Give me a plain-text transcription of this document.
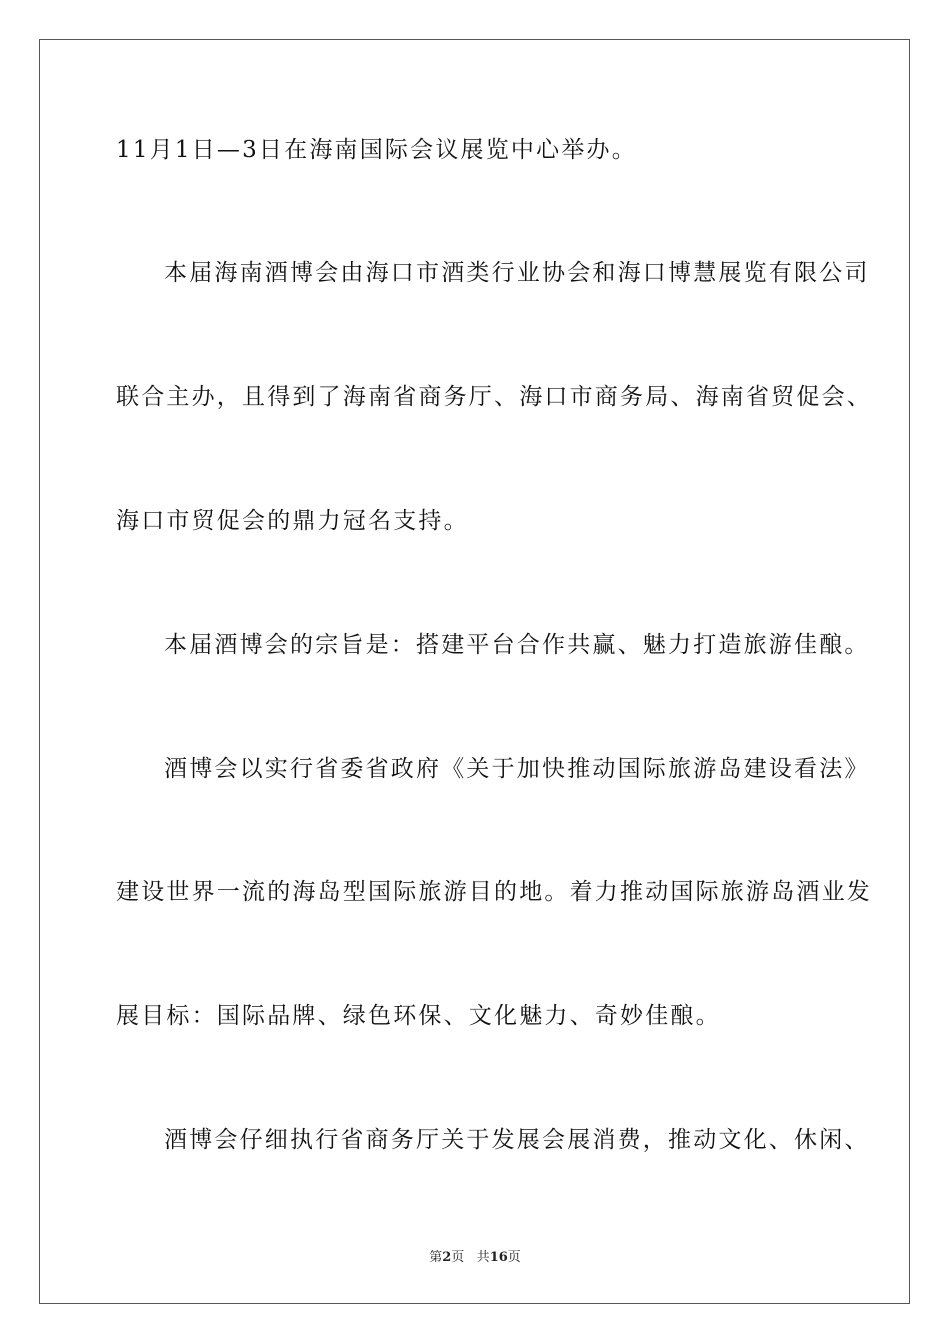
11月1日—3日在海南国际会议展览中心举办。
本届海南酒博会由海口市酒类行业协会和海口博慧展览有限公司
联合主办，且得到了海南省商务厅、海口市商务局、海南省贸促会、
海口市贸促会的鼎力冠名支持。
本届酒博会的宗旨是：搭建平台合作共赢、魅力打造旅游佳酿。
酒博会以实行省委省政府《关于加快推动国际旅游岛建设看法》
建设世界一流的海岛型国际旅游目的地。着力推动国际旅游岛酒业发
展目标：国际品牌、绿色环保、文化魅力、奇妙佳酿。
酒博会仔细执行省商务厅关于发展会展消费，推动文化、休闲、
第2页 共16页
